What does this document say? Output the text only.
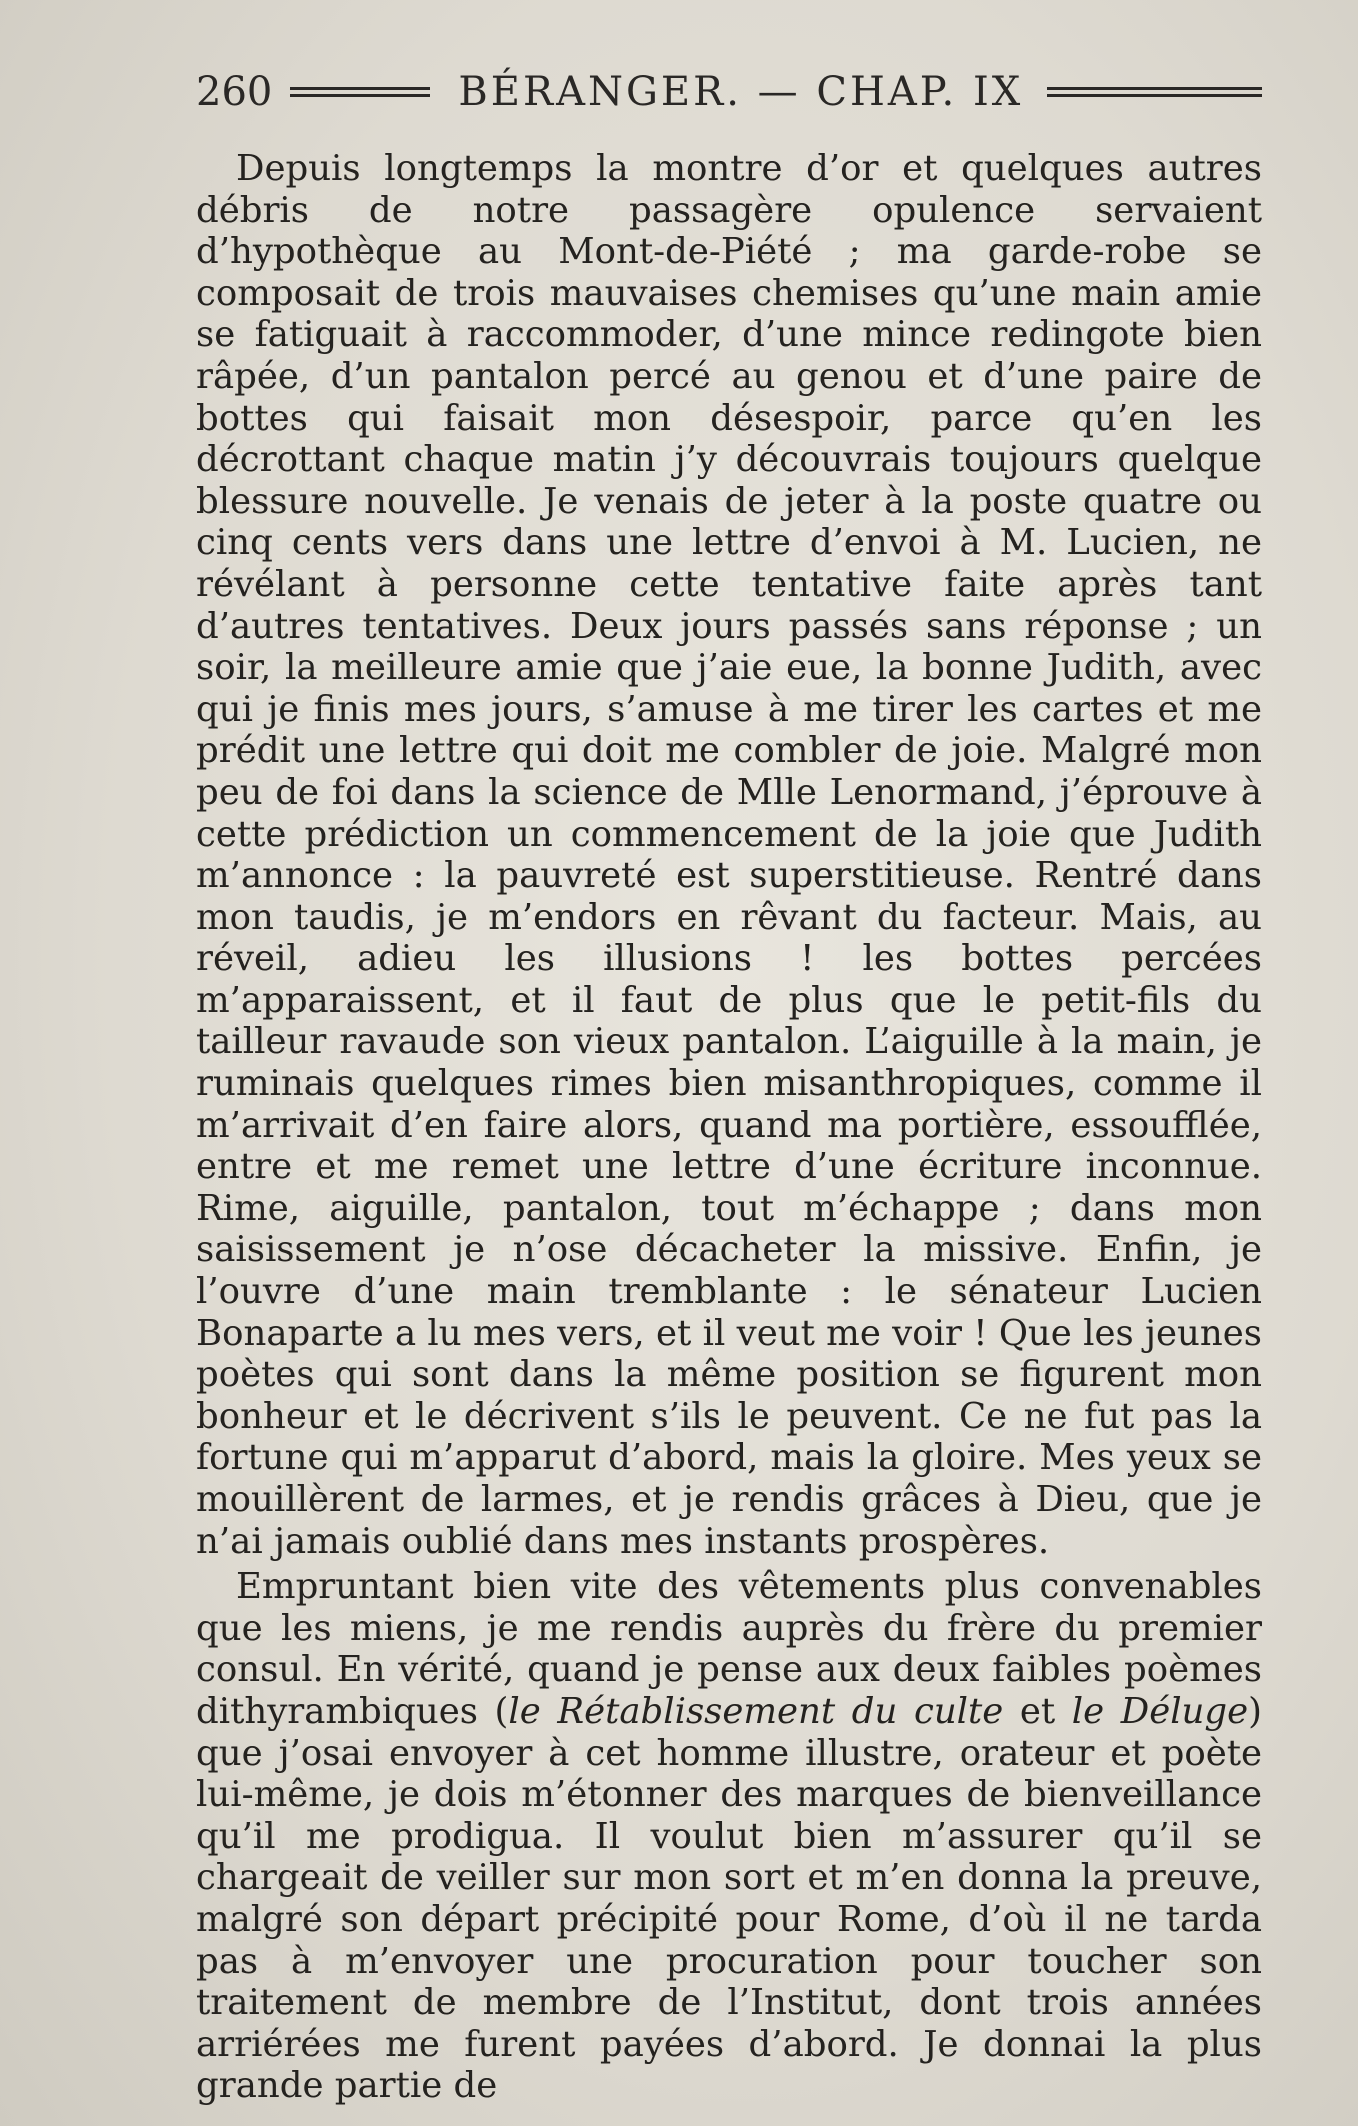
260	BÉRANGER. — CHAP. IX

Depuis longtemps la montre d’or et quelques autres débris de notre passagère opulence servaient d’hypothèque au Mont-de-Piété ; ma garde-robe se composait de trois mauvaises chemises qu’une main amie se fatiguait à raccommoder, d’une mince redingote bien râpée, d’un pantalon percé au genou et d’une paire de bottes qui faisait mon désespoir, parce qu’en les décrottant chaque matin j’y découvrais toujours quelque blessure nouvelle. Je venais de jeter à la poste quatre ou cinq cents vers dans une lettre d’envoi à M. Lucien, ne révélant à personne cette tentative faite après tant d’autres tentatives. Deux jours passés sans réponse ; un soir, la meilleure amie que j’aie eue, la bonne Judith, avec qui je finis mes jours, s’amuse à me tirer les cartes et me prédit une lettre qui doit me combler de joie. Malgré mon peu de foi dans la science de Mlle Lenormand, j’éprouve à cette prédiction un commencement de la joie que Judith m’annonce : la pauvreté est superstitieuse. Rentré dans mon taudis, je m’endors en rêvant du facteur. Mais, au réveil, adieu les illusions ! les bottes percées m’apparaissent, et il faut de plus que le petit-fils du tailleur ravaude son vieux pantalon. L’aiguille à la main, je ruminais quelques rimes bien misanthropiques, comme il m’arrivait d’en faire alors, quand ma portière, essoufflée, entre et me remet une lettre d’une écriture inconnue. Rime, aiguille, pantalon, tout m’échappe ; dans mon saisissement je n’ose décacheter la missive. Enfin, je l’ouvre d’une main tremblante : le sénateur Lucien Bonaparte a lu mes vers, et il veut me voir ! Que les jeunes poètes qui sont dans la même position se figurent mon bonheur et le décrivent s’ils le peuvent. Ce ne fut pas la fortune qui m’apparut d’abord, mais la gloire. Mes yeux se mouillèrent de larmes, et je rendis grâces à Dieu, que je n’ai jamais oublié dans mes instants prospères.

Empruntant bien vite des vêtements plus convenables que les miens, je me rendis auprès du frère du premier consul. En vérité, quand je pense aux deux faibles poèmes dithyrambiques (le Rétablissement du culte et le Déluge) que j’osai envoyer à cet homme illustre, orateur et poète lui-même, je dois m’étonner des marques de bienveillance qu’il me prodigua. Il voulut bien m’assurer qu’il se chargeait de veiller sur mon sort et m’en donna la preuve, malgré son départ précipité pour Rome, d’où il ne tarda pas à m’envoyer une procuration pour toucher son traitement de membre de l’Institut, dont trois années arriérées me furent payées d’abord. Je donnai la plus grande partie de
